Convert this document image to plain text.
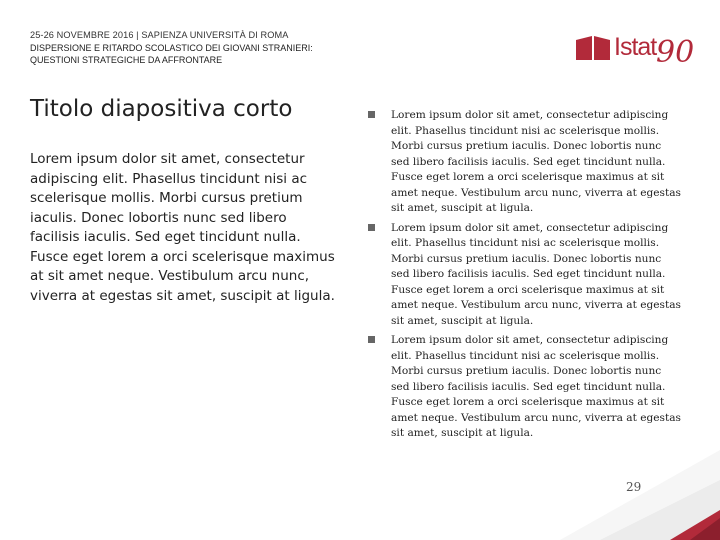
25-26 NOVEMBRE 2016 | SAPIENZA UNIVERSITÀ DI ROMA
DISPERSIONE E RITARDO SCOLASTICO DEI GIOVANI STRANIERI:
QUESTIONI STRATEGICHE DA AFFRONTARE	Istat 90
Titolo diapositiva corto
Lorem ipsum dolor sit amet, consectetur adipiscing elit. Phasellus tincidunt nisi ac scelerisque mollis. Morbi cursus pretium iaculis. Donec lobortis nunc sed libero facilisis iaculis. Sed eget tincidunt nulla. Fusce eget lorem a orci scelerisque maximus at sit amet neque. Vestibulum arcu nunc, viverra at egestas sit amet, suscipit at ligula.
Lorem ipsum dolor sit amet, consectetur adipiscing elit. Phasellus tincidunt nisi ac scelerisque mollis. Morbi cursus pretium iaculis. Donec lobortis nunc sed libero facilisis iaculis. Sed eget tincidunt nulla. Fusce eget lorem a orci scelerisque maximus at sit amet neque. Vestibulum arcu nunc, viverra at egestas sit amet, suscipit at ligula.
Lorem ipsum dolor sit amet, consectetur adipiscing elit. Phasellus tincidunt nisi ac scelerisque mollis. Morbi cursus pretium iaculis. Donec lobortis nunc sed libero facilisis iaculis. Sed eget tincidunt nulla. Fusce eget lorem a orci scelerisque maximus at sit amet neque. Vestibulum arcu nunc, viverra at egestas sit amet, suscipit at ligula.
Lorem ipsum dolor sit amet, consectetur adipiscing elit. Phasellus tincidunt nisi ac scelerisque mollis. Morbi cursus pretium iaculis. Donec lobortis nunc sed libero facilisis iaculis. Sed eget tincidunt nulla. Fusce eget lorem a orci scelerisque maximus at sit amet neque. Vestibulum arcu nunc, viverra at egestas sit amet, suscipit at ligula.
29
